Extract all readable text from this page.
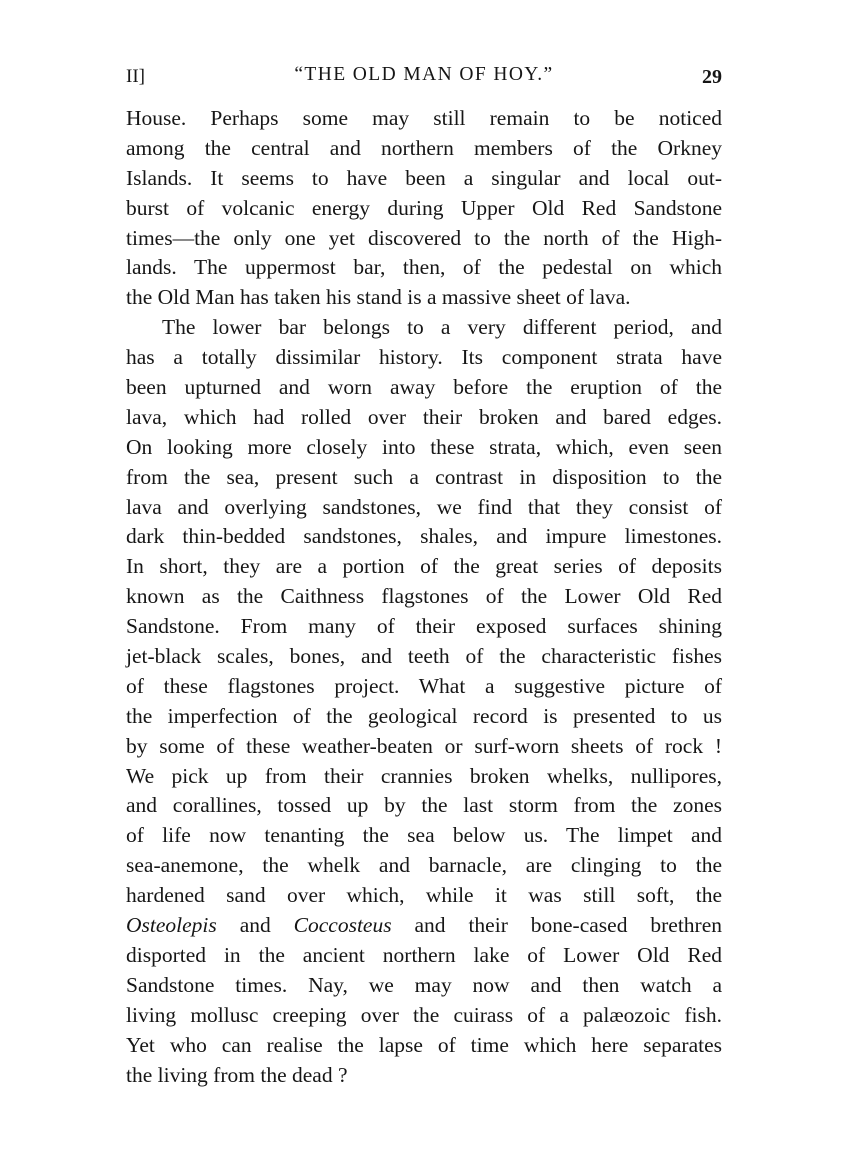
II]	“THE OLD MAN OF HOY.”	29
House. Perhaps some may still remain to be noticed
among the central and northern members of the Orkney
Islands. It seems to have been a singular and local out-
burst of volcanic energy during Upper Old Red Sandstone
times—the only one yet discovered to the north of the High-
lands. The uppermost bar, then, of the pedestal on which
the Old Man has taken his stand is a massive sheet of lava.
The lower bar belongs to a very different period, and
has a totally dissimilar history. Its component strata have
been upturned and worn away before the eruption of the
lava, which had rolled over their broken and bared edges.
On looking more closely into these strata, which, even seen
from the sea, present such a contrast in disposition to the
lava and overlying sandstones, we find that they consist of
dark thin-bedded sandstones, shales, and impure limestones.
In short, they are a portion of the great series of deposits
known as the Caithness flagstones of the Lower Old Red
Sandstone. From many of their exposed surfaces shining
jet-black scales, bones, and teeth of the characteristic fishes
of these flagstones project. What a suggestive picture of
the imperfection of the geological record is presented to us
by some of these weather-beaten or surf-worn sheets of rock !
We pick up from their crannies broken whelks, nullipores,
and corallines, tossed up by the last storm from the zones
of life now tenanting the sea below us. The limpet and
sea-anemone, the whelk and barnacle, are clinging to the
hardened sand over which, while it was still soft, the
Osteolepis and Coccosteus and their bone-cased brethren
disported in the ancient northern lake of Lower Old Red
Sandstone times. Nay, we may now and then watch a
living mollusc creeping over the cuirass of a palæozoic fish.
Yet who can realise the lapse of time which here separates
the living from the dead ?
